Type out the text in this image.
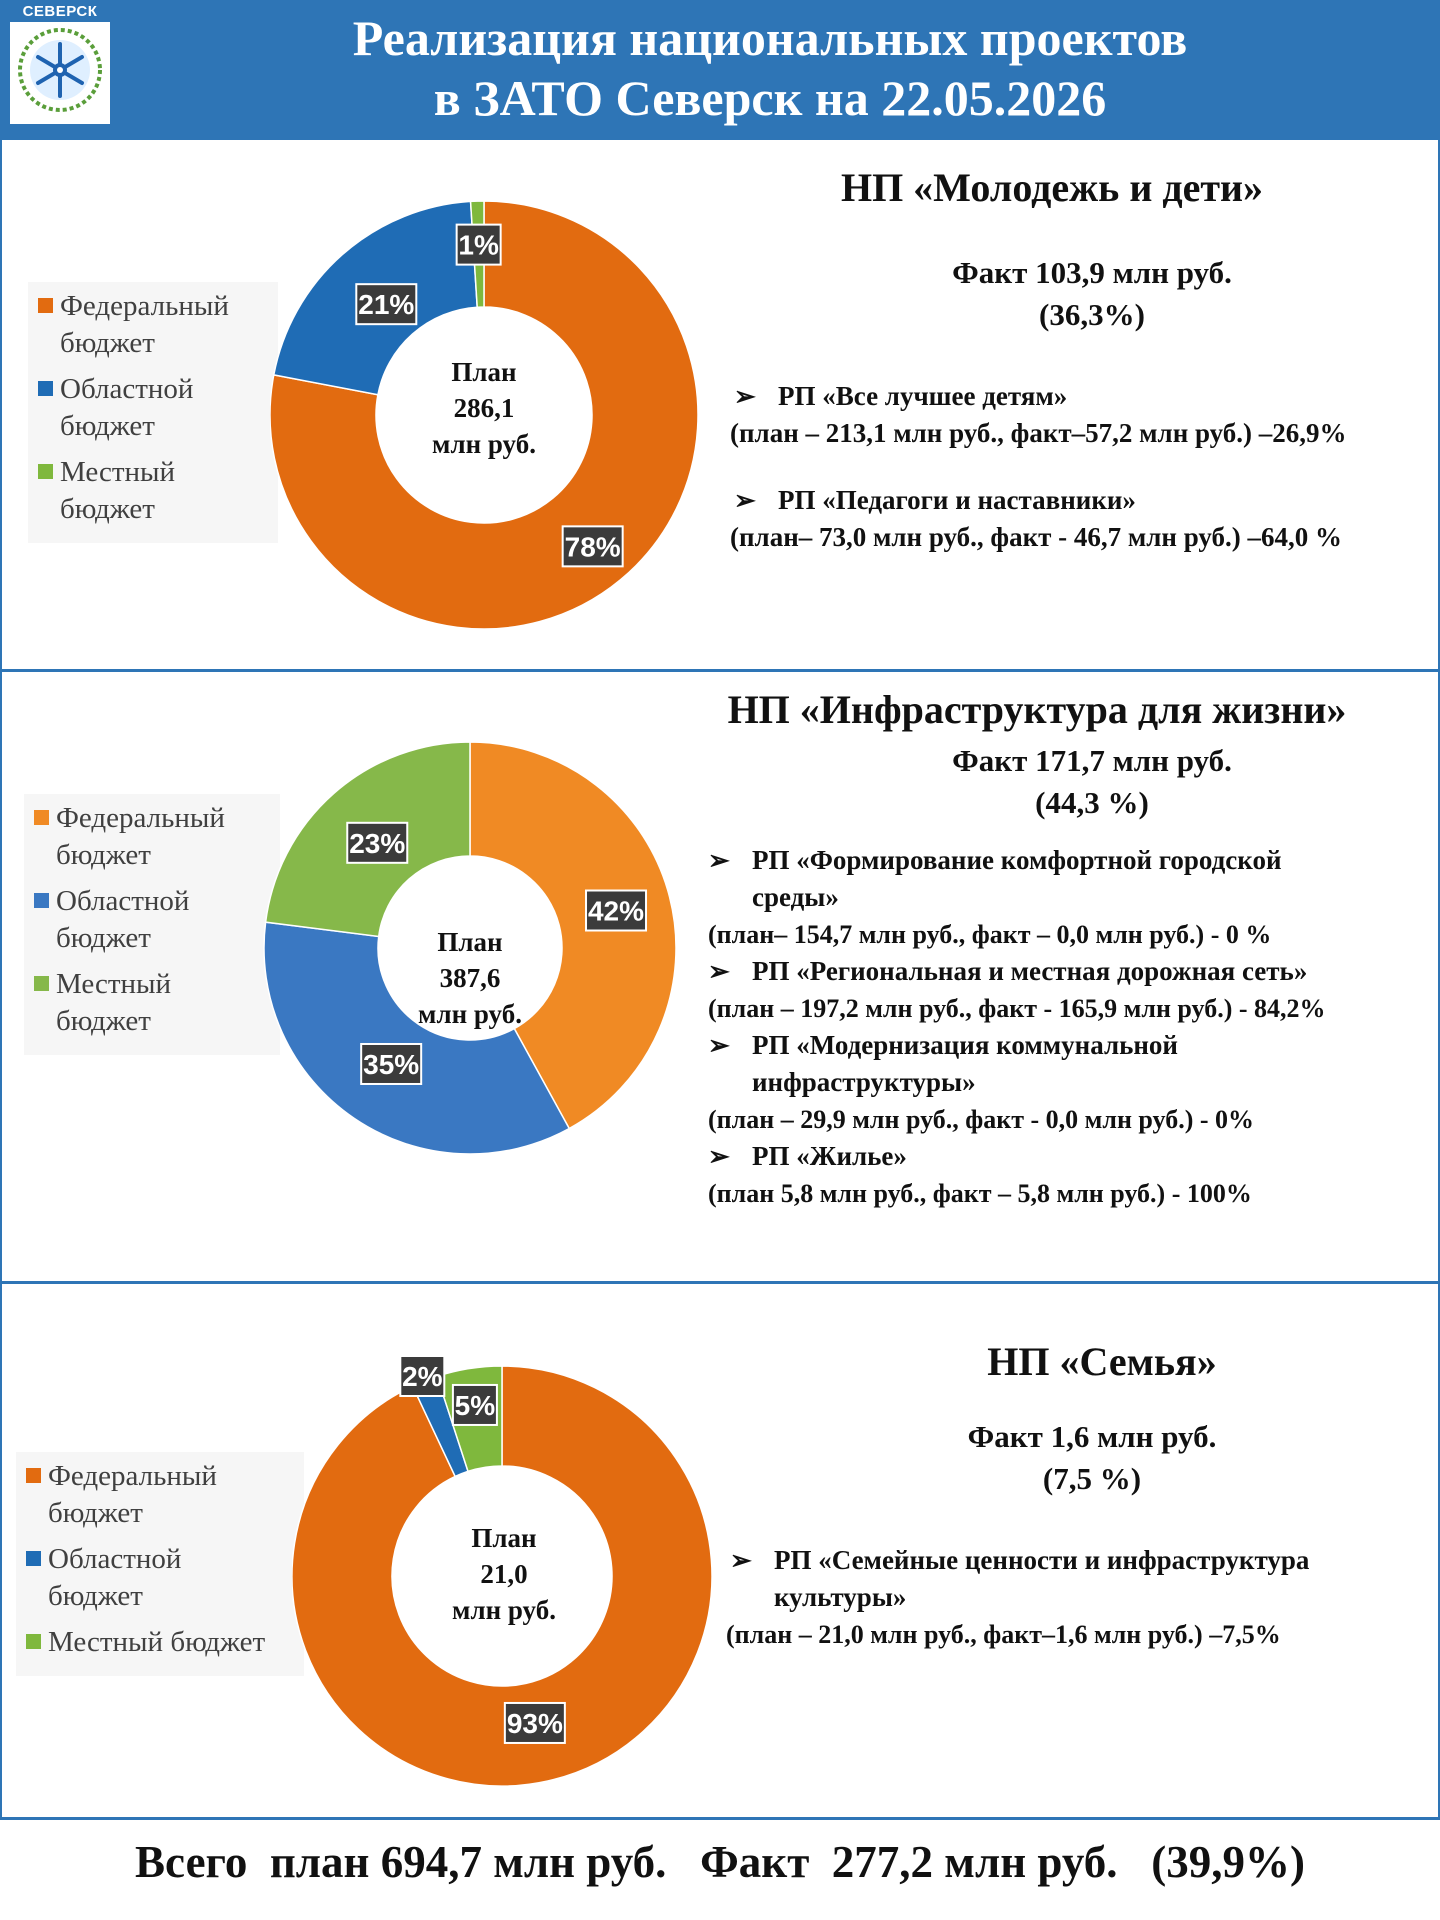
СЕВЕРСК	Реализация национальных проектов
в ЗАТО Северск на 22.05.2026
Федеральный
бюджет
Областной
бюджет
Местный
бюджет
78%
21%
1%
План
286,1
млн руб.
НП «Молодежь и дети»
Факт 103,9 млн руб.
(36,3%)
➢ РП «Все лучшее детям»
(план – 213,1 млн руб., факт–57,2 млн руб.) –26,9%
➢ РП «Педагоги и наставники»
(план– 73,0 млн руб., факт - 46,7 млн руб.) –64,0 %
Федеральный
бюджет
Областной
бюджет
Местный
бюджет
42%
35%
23%
План
387,6
млн руб.
НП «Инфраструктура для жизни»
Факт 171,7 млн руб.
(44,3 %)
➢ РП «Формирование комфортной городской
среды»
(план– 154,7 млн руб., факт – 0,0 млн руб.) - 0 %
➢ РП «Региональная и местная дорожная сеть»
(план – 197,2 млн руб., факт - 165,9 млн руб.) - 84,2%
➢ РП «Модернизация коммунальной
инфраструктуры»
(план – 29,9 млн руб., факт - 0,0 млн руб.) - 0%
➢ РП «Жилье»
(план 5,8 млн руб., факт – 5,8 млн руб.) - 100%
Федеральный
бюджет
Областной
бюджет
Местный бюджет
93%
2%
5%
План
21,0
млн руб.
НП «Семья»
Факт 1,6 млн руб.
(7,5 %)
➢ РП «Семейные ценности и инфраструктура
культуры»
(план – 21,0 млн руб., факт–1,6 млн руб.) –7,5%
Всего  план 694,7 млн руб.   Факт  277,2 млн руб.   (39,9%)
